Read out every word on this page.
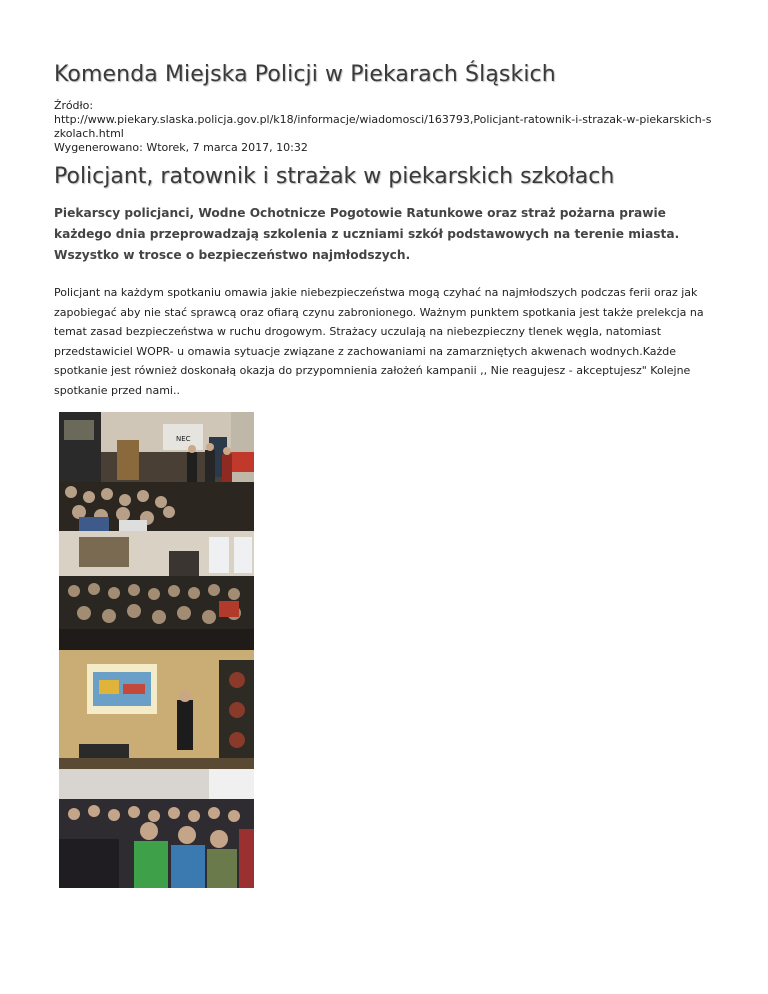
Komenda Miejska Policji w Piekarach Śląskich
Źródło:
http://www.piekary.slaska.policja.gov.pl/k18/informacje/wiadomosci/163793,Policjant-ratownik-i-strazak-w-piekarskich-szkolach.html
Wygenerowano: Wtorek, 7 marca 2017, 10:32
Policjant, ratownik i strażak w piekarskich szkołach
Piekarscy policjanci, Wodne Ochotnicze Pogotowie Ratunkowe oraz straż pożarna prawie każdego dnia przeprowadzają szkolenia z uczniami szkół podstawowych na terenie miasta. Wszystko w trosce o bezpieczeństwo najmłodszych.
Policjant na każdym spotkaniu omawia jakie niebezpieczeństwa mogą czyhać na najmłodszych podczas ferii oraz jak zapobiegać aby nie stać sprawcą oraz ofiarą czynu zabronionego. Ważnym punktem spotkania jest także prelekcja na temat zasad bezpieczeństwa w ruchu drogowym. Strażacy uczulają na niebezpieczny tlenek węgla, natomiast przedstawiciel WOPR- u omawia sytuacje związane z zachowaniami na zamarzniętych akwenach wodnych.Każde spotkanie jest również doskonałą okazja do przypomnienia założeń kampanii ,, Nie reagujesz - akceptujesz" Kolejne spotkanie przed nami..
NEC
